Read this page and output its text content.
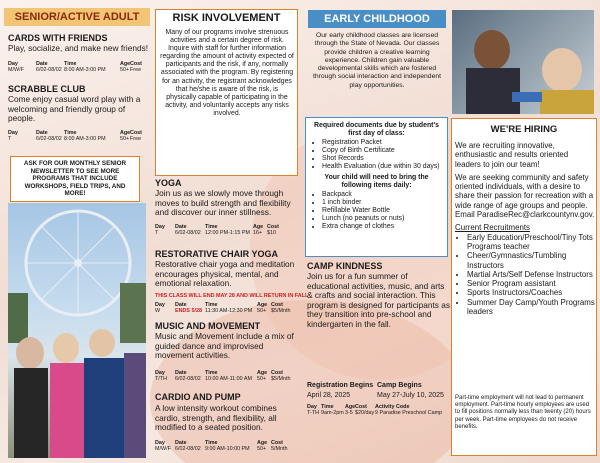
SENIOR/ACTIVE ADULT
CARDS WITH FRIENDS
Play, socialize, and make new friends!
Day	Date	Time	Age Cost
M/W/F	6/02-08/02 8:00 AM-3:00 PM	50+ Free
SCRABBLE CLUB
Come enjoy casual word play with a welcoming and friendly group of people.
Day	Date	Time	Age Cost
T	6/02-08/02 8:00 AM-3:00 PM	50+ Free
ASK FOR OUR MONTHLY SENIOR NEWSLETTER TO SEE MORE PROGRAMS THAT INCLUDE WORKSHOPS, FIELD TRIPS, AND MORE!
RISK INVOLVEMENT
Many of our programs involve strenuous activities and a certain degree of risk. Inquire with staff for further information regarding the amount of activity expected of participants and the risk, if any, normally associated with the program. By registering for an activity, the registrant acknowledges that he/she is aware of the risk, is physically capable of participating in the activity, and voluntarily accepts any risks involved.
YOGA
Join us as we slowly move through moves to build strength and flexibility and discover our inner stillness.
Day	Date	Time	Age Cost
T	6/02-08/02 12:00 PM-1:15 PM 16+ $10
RESTORATIVE CHAIR YOGA
Restorative chair yoga and meditation encourages physical, mental, and emotional relaxation.
THIS CLASS WILL END MAY 28 AND WILL RETURN IN FALL
Day	Date	Time	Age Cost
W	ENDS 5/28 11:30 AM-12:30 PM 50+ $5/Mnth
MUSIC AND MOVEMENT
Music and Movement include a mix of guided dance and improvised movement activities.
Day	Date	Time	Age Cost
T/TH	6/02-08/02 10:00 AM-11:00 AM 50+ $5/Mnth
CARDIO AND PUMP
A low intensity workout combines cardio, strength, and flexibility, all modified to a seated position.
Day	Date	Time	Age Cost
M/W/F 6/02-08/02 9:00 AM-10:00 PM	50+ 5/Mnth
EARLY CHILDHOOD
Our early childhood classes are licensed through the State of Nevada. Our classes provide children a creative learning experience. Children gain valuable developmental skills which are fostered through social interaction and independent play opportunities.
Required documents due by student's first day of class:
• Registration Packet
• Copy of Birth Certificate
• Shot Records
• Health Evaluation (due within 30 days)
Your child will need to bring the following items daily:
• Backpack
• 1 inch binder
• Refillable Water Bottle
• Lunch (no peanuts or nuts)
• Extra change of clothes
CAMP KINDNESS
Join us for a fun summer of educational activities, music, and arts & crafts and social interaction. This program is designed for participants as they transition into pre-school and kindergarten in the fall.
Registration Begins Camp Begins
April 28, 2025	May 27-July 10, 2025
Day Time	Age Cost	Activity Code
T-TH 9am-2pm 3-5 $20/day 9 Paradise Preschool Camp
WE'RE HIRING

We are recruiting innovative, enthusiastic and results oriented leaders to join our team!

We are seeking community and safety oriented individuals, with a desire to share their passion for recreation with a wide range of age groups and people. Email ParadiseRec@clarkcountynv.gov.

Current Recruitments

• Early Education/Preschool/Tiny Tots Programs teacher
• Cheer/Gymnastics/Tumbling Instructors
• Martial Arts/Self Defense Instructors
• Senior Program assistant
• Sports Instructors/Coaches
• Summer Day Camp/Youth Programs leaders
Part-time employment will not lead to permanent employment. Part-time hourly employees are used to fill positions normally less than twenty (20) hours per week. Part-time employees do not receive benefits.
